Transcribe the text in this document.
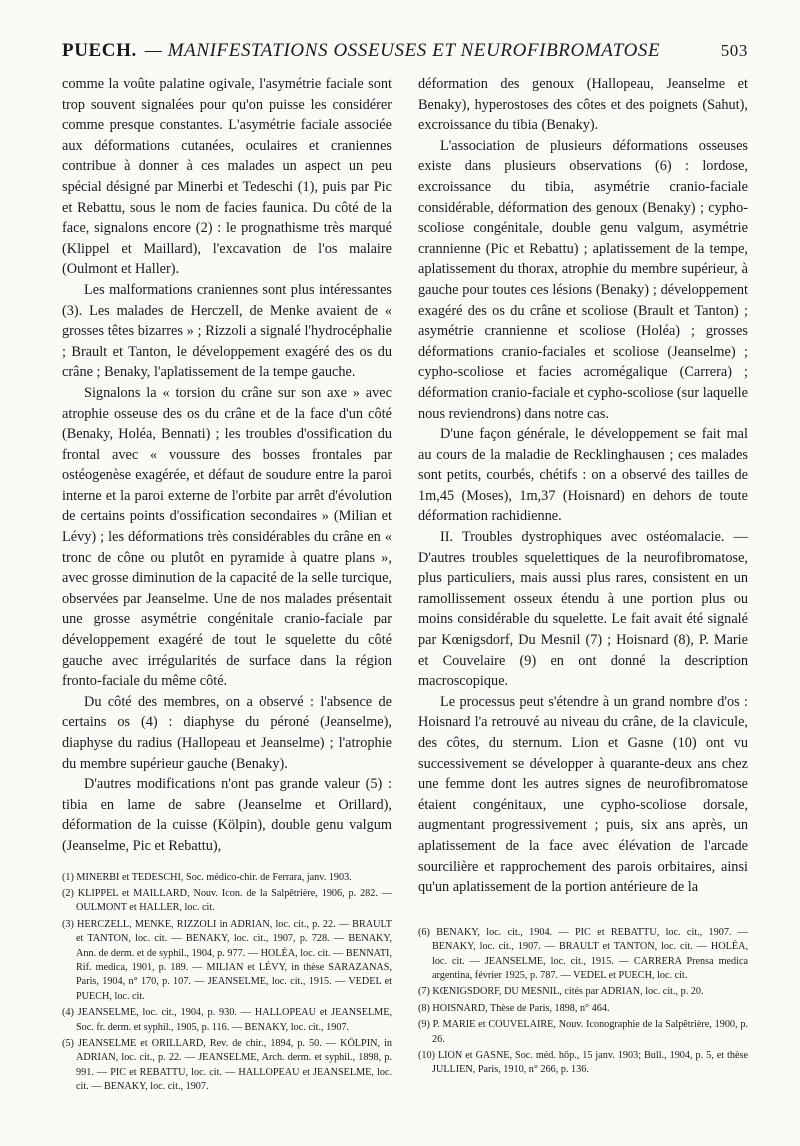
PUECH. — MANIFESTATIONS OSSEUSES ET NEUROFIBROMATOSE	503

comme la voûte palatine ogivale, l'asymétrie faciale sont trop souvent signalées pour qu'on puisse les considérer comme presque constantes. L'asymétrie faciale associée aux déformations cutanées, oculaires et craniennes contribue à donner à ces malades un aspect un peu spécial désigné par Minerbi et Tedeschi (1), puis par Pic et Rebattu, sous le nom de facies faunica. Du côté de la face, signalons encore (2) : le prognathisme très marqué (Klippel et Maillard), l'excavation de l'os malaire (Oulmont et Haller).

Les malformations craniennes sont plus intéressantes (3). Les malades de Herczell, de Menke avaient de « grosses têtes bizarres » ; Rizzoli a signalé l'hydrocéphalie ; Brault et Tanton, le développement exagéré des os du crâne ; Benaky, l'aplatissement de la tempe gauche.

Signalons la « torsion du crâne sur son axe » avec atrophie osseuse des os du crâne et de la face d'un côté (Benaky, Holéa, Bennati) ; les troubles d'ossification du frontal avec « voussure des bosses frontales par ostéogenèse exagérée, et défaut de soudure entre la paroi interne et la paroi externe de l'orbite par arrêt d'évolution de certains points d'ossification secondaires » (Milian et Lévy) ; les déformations très considérables du crâne en « tronc de cône ou plutôt en pyramide à quatre plans », avec grosse diminution de la capacité de la selle turcique, observées par Jeanselme. Une de nos malades présentait une grosse asymétrie congénitale cranio-faciale par développement exagéré de tout le squelette du côté gauche avec irrégularités de surface dans la région fronto-faciale du même côté.

Du côté des membres, on a observé : l'absence de certains os (4) : diaphyse du péroné (Jeanselme), diaphyse du radius (Hallopeau et Jeanselme) ; l'atrophie du membre supérieur gauche (Benaky).

D'autres modifications n'ont pas grande valeur (5) : tibia en lame de sabre (Jeanselme et Orillard), déformation de la cuisse (Kölpin), double genu valgum (Jeanselme, Pic et Rebattu),

(1) MINERBI et TEDESCHI, Soc. médico-chir. de Ferrara, janv. 1903.

(2) KLIPPEL et MAILLARD, Nouv. Icon. de la Salpêtrière, 1906, p. 282. — OULMONT et HALLER, loc. cit.

(3) HERCZELL, MENKE, RIZZOLI in ADRIAN, loc. cit., p. 22. — BRAULT et TANTON, loc. cit. — BENAKY, loc. cit., 1907, p. 728. — BENAKY, Ann. de derm. et de syphil., 1904, p. 977. — HOLÉA, loc. cit. — BENNATI, Rif. medica, 1901, p. 189. — MILIAN et LÉVY, in thèse SARAZANAS, Paris, 1904, n° 170, p. 107. — JEANSELME, loc. cit., 1915. — VEDEL et PUECH, loc. cit.

(4) JEANSELME, loc. cit., 1904, p. 930. — HALLOPEAU et JEANSELME, Soc. fr. derm. et syphil., 1905, p. 116. — BENAKY, loc. cit., 1907.

(5) JEANSELME et ORILLARD, Rev. de chir., 1894, p. 50. — KÖLPIN, in ADRIAN, loc. cit., p. 22. — JEANSELME, Arch. derm. et syphil., 1898, p. 991. — PIC et REBATTU, loc. cit. — HALLOPEAU et JEANSELME, loc. cit. — BENAKY, loc. cit., 1907.

déformation des genoux (Hallopeau, Jeanselme et Benaky), hyperostoses des côtes et des poignets (Sahut), excroissance du tibia (Benaky).

L'association de plusieurs déformations osseuses existe dans plusieurs observations (6) : lordose, excroissance du tibia, asymétrie cranio-faciale considérable, déformation des genoux (Benaky) ; cypho-scoliose congénitale, double genu valgum, asymétrie crannienne (Pic et Rebattu) ; aplatissement de la tempe, aplatissement du thorax, atrophie du membre supérieur, à gauche pour toutes ces lésions (Benaky) ; développement exagéré des os du crâne et scoliose (Brault et Tanton) ; asymétrie crannienne et scoliose (Holéa) ; grosses déformations cranio-faciales et scoliose (Jeanselme) ; cypho-scoliose et facies acromégalique (Carrera) ; déformation cranio-faciale et cypho-scoliose (sur laquelle nous reviendrons) dans notre cas.

D'une façon générale, le développement se fait mal au cours de la maladie de Recklinghausen ; ces malades sont petits, courbés, chétifs : on a observé des tailles de 1m,45 (Moses), 1m,37 (Hoisnard) en dehors de toute déformation rachidienne.

II. Troubles dystrophiques avec ostéomalacie. — D'autres troubles squelettiques de la neurofibromatose, plus particuliers, mais aussi plus rares, consistent en un ramollissement osseux étendu à une portion plus ou moins considérable du squelette. Le fait avait été signalé par Kœnigsdorf, Du Mesnil (7) ; Hoisnard (8), P. Marie et Couvelaire (9) en ont donné la description macroscopique.

Le processus peut s'étendre à un grand nombre d'os : Hoisnard l'a retrouvé au niveau du crâne, de la clavicule, des côtes, du sternum. Lion et Gasne (10) ont vu successivement se développer à quarante-deux ans chez une femme dont les autres signes de neurofibromatose étaient congénitaux, une cypho-scoliose dorsale, augmentant progressivement ; puis, six ans après, un aplatissement de la face avec élévation de l'arcade sourcilière et rapprochement des parois orbitaires, ainsi qu'un aplatissement de la portion antérieure de la

(6) BENAKY, loc. cit., 1904. — PIC et REBATTU, loc. cit., 1907. — BENAKY, loc. cit., 1907. — BRAULT et TANTON, loc. cit. — HOLÉA, loc. cit. — JEANSELME, loc. cit., 1915. — CARRERA Prensa medica argentina, février 1925, p. 787. — VEDEL et PUECH, loc. cit.

(7) KŒNIGSDORF, DU MESNIL, cités par ADRIAN, loc. cit., p. 20.

(8) HOISNARD, Thèse de Paris, 1898, n° 464.

(9) P. MARIE et COUVELAIRE, Nouv. Iconographie de la Salpêtrière, 1900, p. 26.

(10) LION et GASNE, Soc. méd. hôp., 15 janv. 1903; Bull., 1904, p. 5, et thèse JULLIEN, Paris, 1910, n° 266, p. 136.
